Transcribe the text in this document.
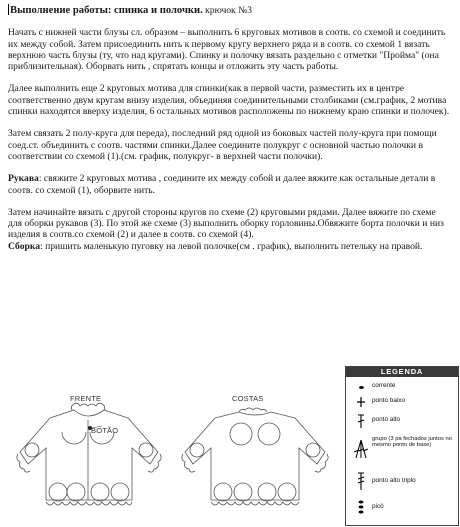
Выполнение работы: спинка и полочки. крючок №3

Начать с нижней части блузы сл. образом – выполнить 6 круговых мотивов в соотв. со схемой и соединить их между собой. Затем присоединить нить к первому кругу верхнего ряда и в соотв. со схемой 1 вязать верхнюю часть блузы (ту, что над кругами). Спинку и полочку вязать раздельно с отметки "Пройма" (она приблизительная). Оборвать нить , спрятать концы и отложить эту часть работы.

Далее выполнить еще 2 круговых мотива для спинки(как в первой части, разместить их в центре соответственно двум кругам внизу изделия, объединяя соединительными столбиками (см.график, 2 мотива спинки находятся вверху изделия, 6 остальных мотивов расположены по нижнему краю спинки и полочек).

Затем связать 2 полу-круга для переда), последний ряд одной из боковых частей полу-круга при помощи соед.ст. объединить с соотв. частями спинки.Далее соедините полукруг с основной частью полочки в соответствии со схемой (1).(см. график, полукруг- в верхней части полочки).

Рукава: свяжите 2 круговых мотива , соедините их между собой и далее вяжите как остальные детали в соотв. со схемой (1), оборвите нить.

Затем начинайте вязать с другой стороны кругов по схеме (2) круговыми рядами. Далее вяжите по схеме для оборки рукавов (3). По этой же схеме (3) выполнить оборку горловины.Обвяжите борта полочки и низ изделия в соотв.со схемой (2) и далее в соотв. со схемой (4).
Сборка: пришить маленькую пуговку на левой полочке(см . график), выполнить петельку на правой.

FRENTE
BOTÃO
COSTAS
LEGENDA
corrente
ponto baixo
ponto alto
grupo (3 pa fechados juntos no mesmo ponto de base)
ponto alto triplo
picô
